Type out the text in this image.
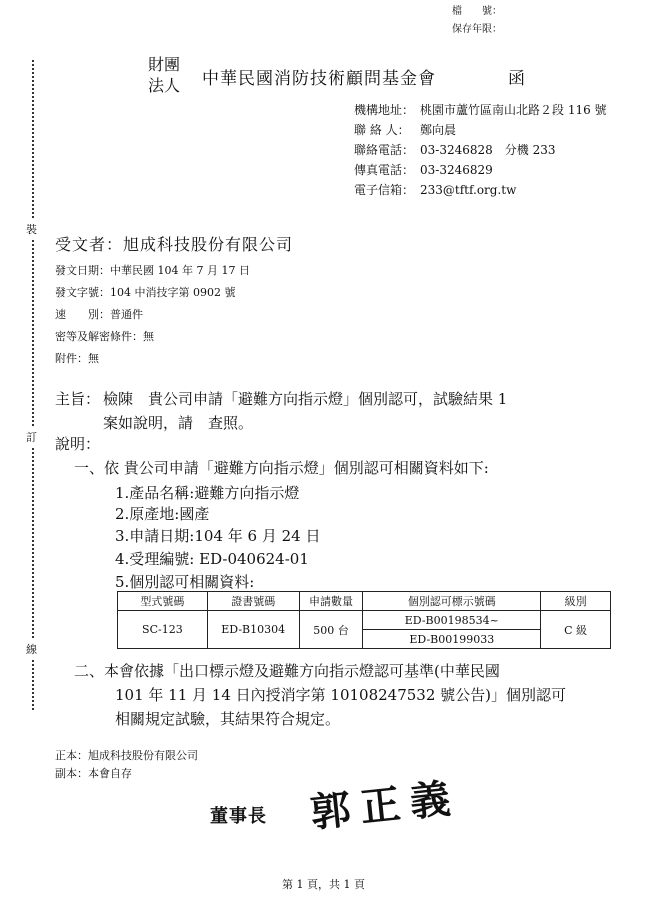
檔　　號：
保存年限：
裝
訂
線
財團
法人 中華民國消防技術顧問基金會	函
機構地址： 桃園市蘆竹區南山北路２段 116 號
聯 絡 人： 鄭向晨
聯絡電話： 03-3246828　分機 233
傳真電話： 03-3246829
電子信箱： 233@tftf.org.tw
受文者：旭成科技股份有限公司
發文日期：中華民國 104 年 7 月 17 日
發文字號：104 中消技字第 0902 號
速　　別：普通件
密等及解密條件：無
附件：無
主旨： 檢陳　貴公司申請「避難方向指示燈」個別認可，試驗結果 1
案如說明，請　查照。
說明：
一、依 貴公司申請「避難方向指示燈」個別認可相關資料如下:
1.產品名稱:避難方向指示燈
2.原產地:國產
3.申請日期:104 年 6 月 24 日
4.受理編號: ED-040624-01
5.個別認可相關資料:
型式號碼	證書號碼	申請數量	個別認可標示號碼	級別
SC-123	ED-B10304	500 台	ED-B00198534~	C 級
			ED-B00199033	
二、本會依據「出口標示燈及避難方向指示燈認可基準(中華民國
101 年 11 月 14 日內授消字第 10108247532 號公告)」個別認可
相關規定試驗，其結果符合規定。
正本：旭成科技股份有限公司
副本：本會自存
董事長 郭正義
第 1 頁，共 1 頁
